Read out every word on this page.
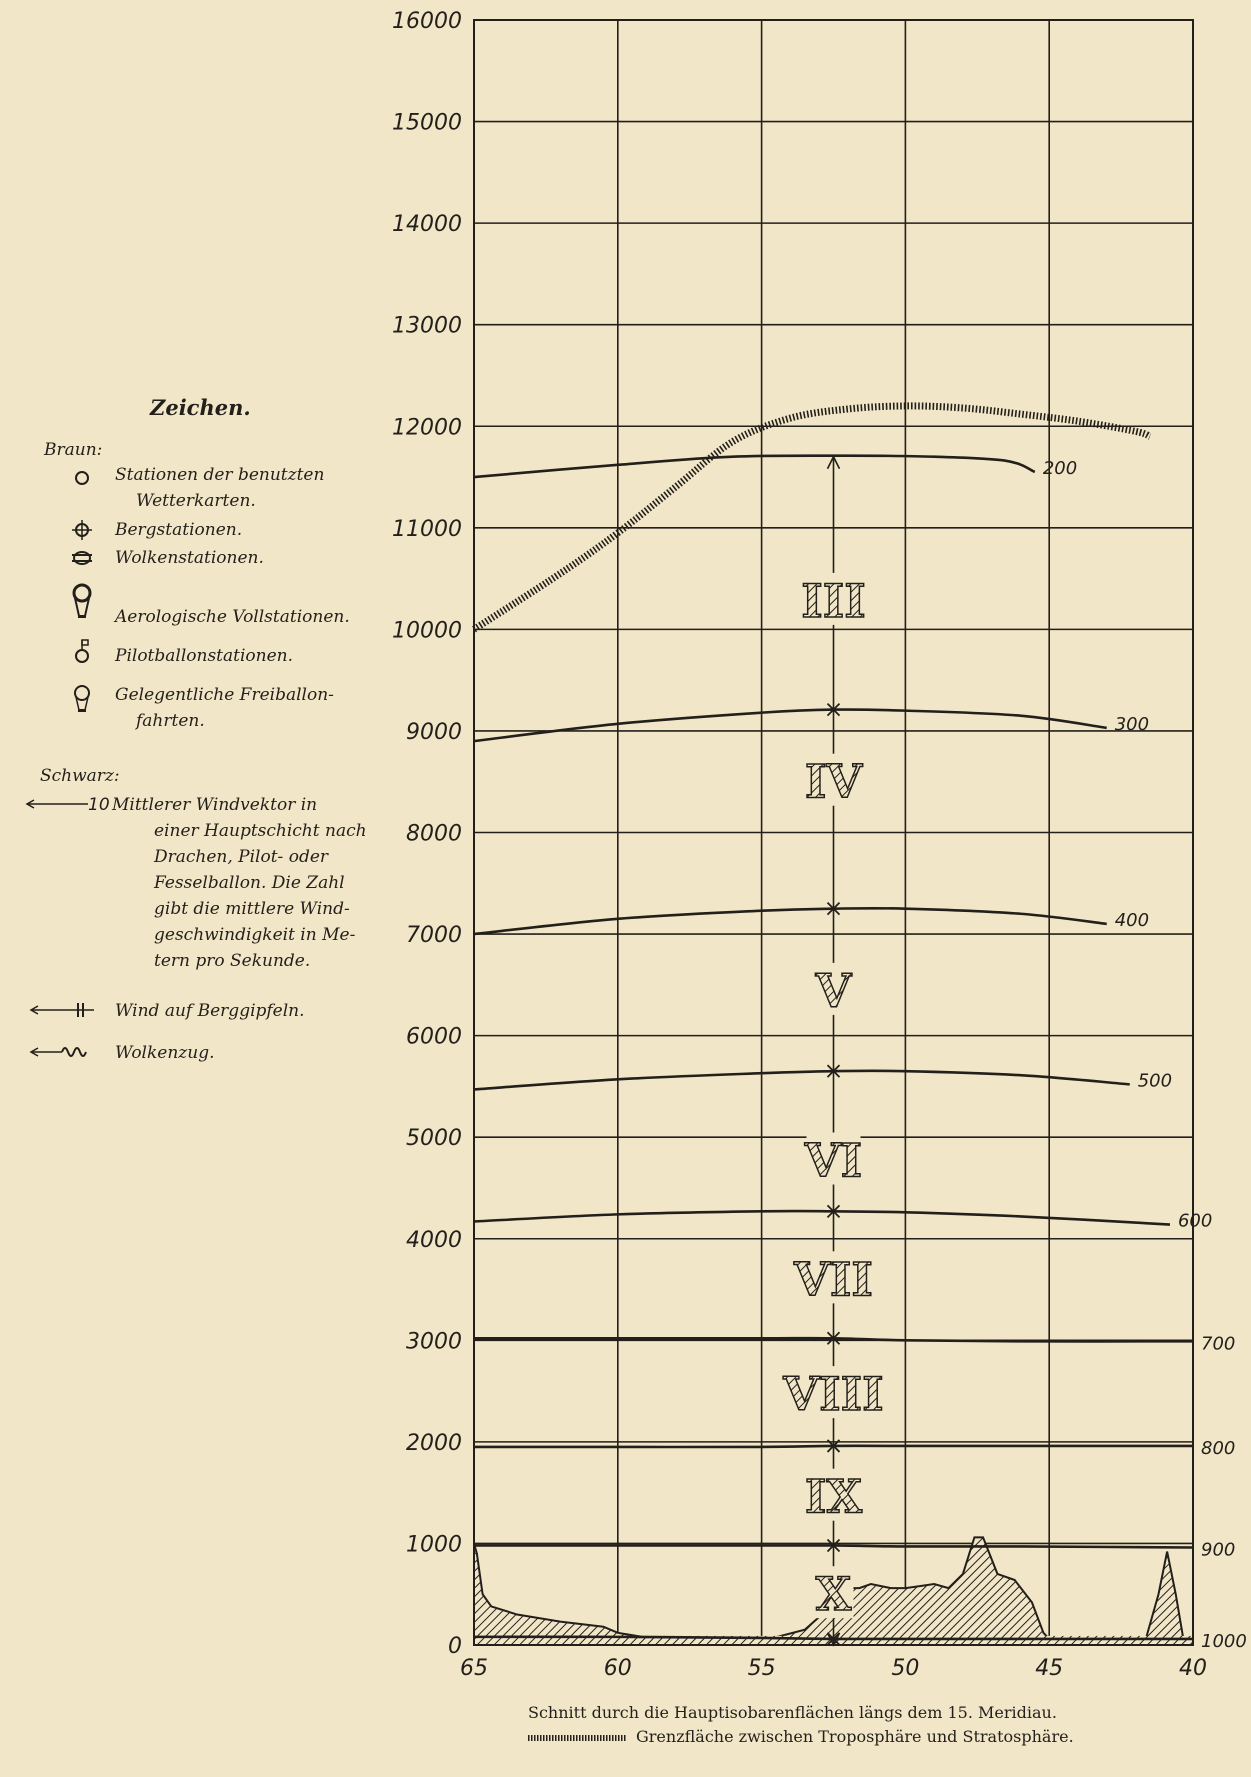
Zeichen.
Braun:
Stationen der benutzten
Wetterkarten.
Bergstationen.
Wolkenstationen.
Aerologische Vollstationen.
Pilotballonstationen.
Gelegentliche Freiballon-
fahrten.
Schwarz:
10 Mittlerer Windvektor in
einer Hauptschicht nach
Drachen, Pilot- oder
Fesselballon. Die Zahl
gibt die mittlere Wind-
geschwindigkeit in Me-
tern pro Sekunde.
Wind auf Berggipfeln.
Wolkenzug.
III
IV
V
VI
VII
VIII
IX
X
0
1000
2000
3000
4000
5000
6000
7000
8000
9000
10000
11000
12000
13000
14000
15000
16000
65	60	55	50	45	40
200
300
400
500
600
700
800
900
1000
Schnitt durch die Hauptisobarenflächen längs dem 15. Meridiau.
Grenzfläche zwischen Troposphäre und Stratosphäre.
